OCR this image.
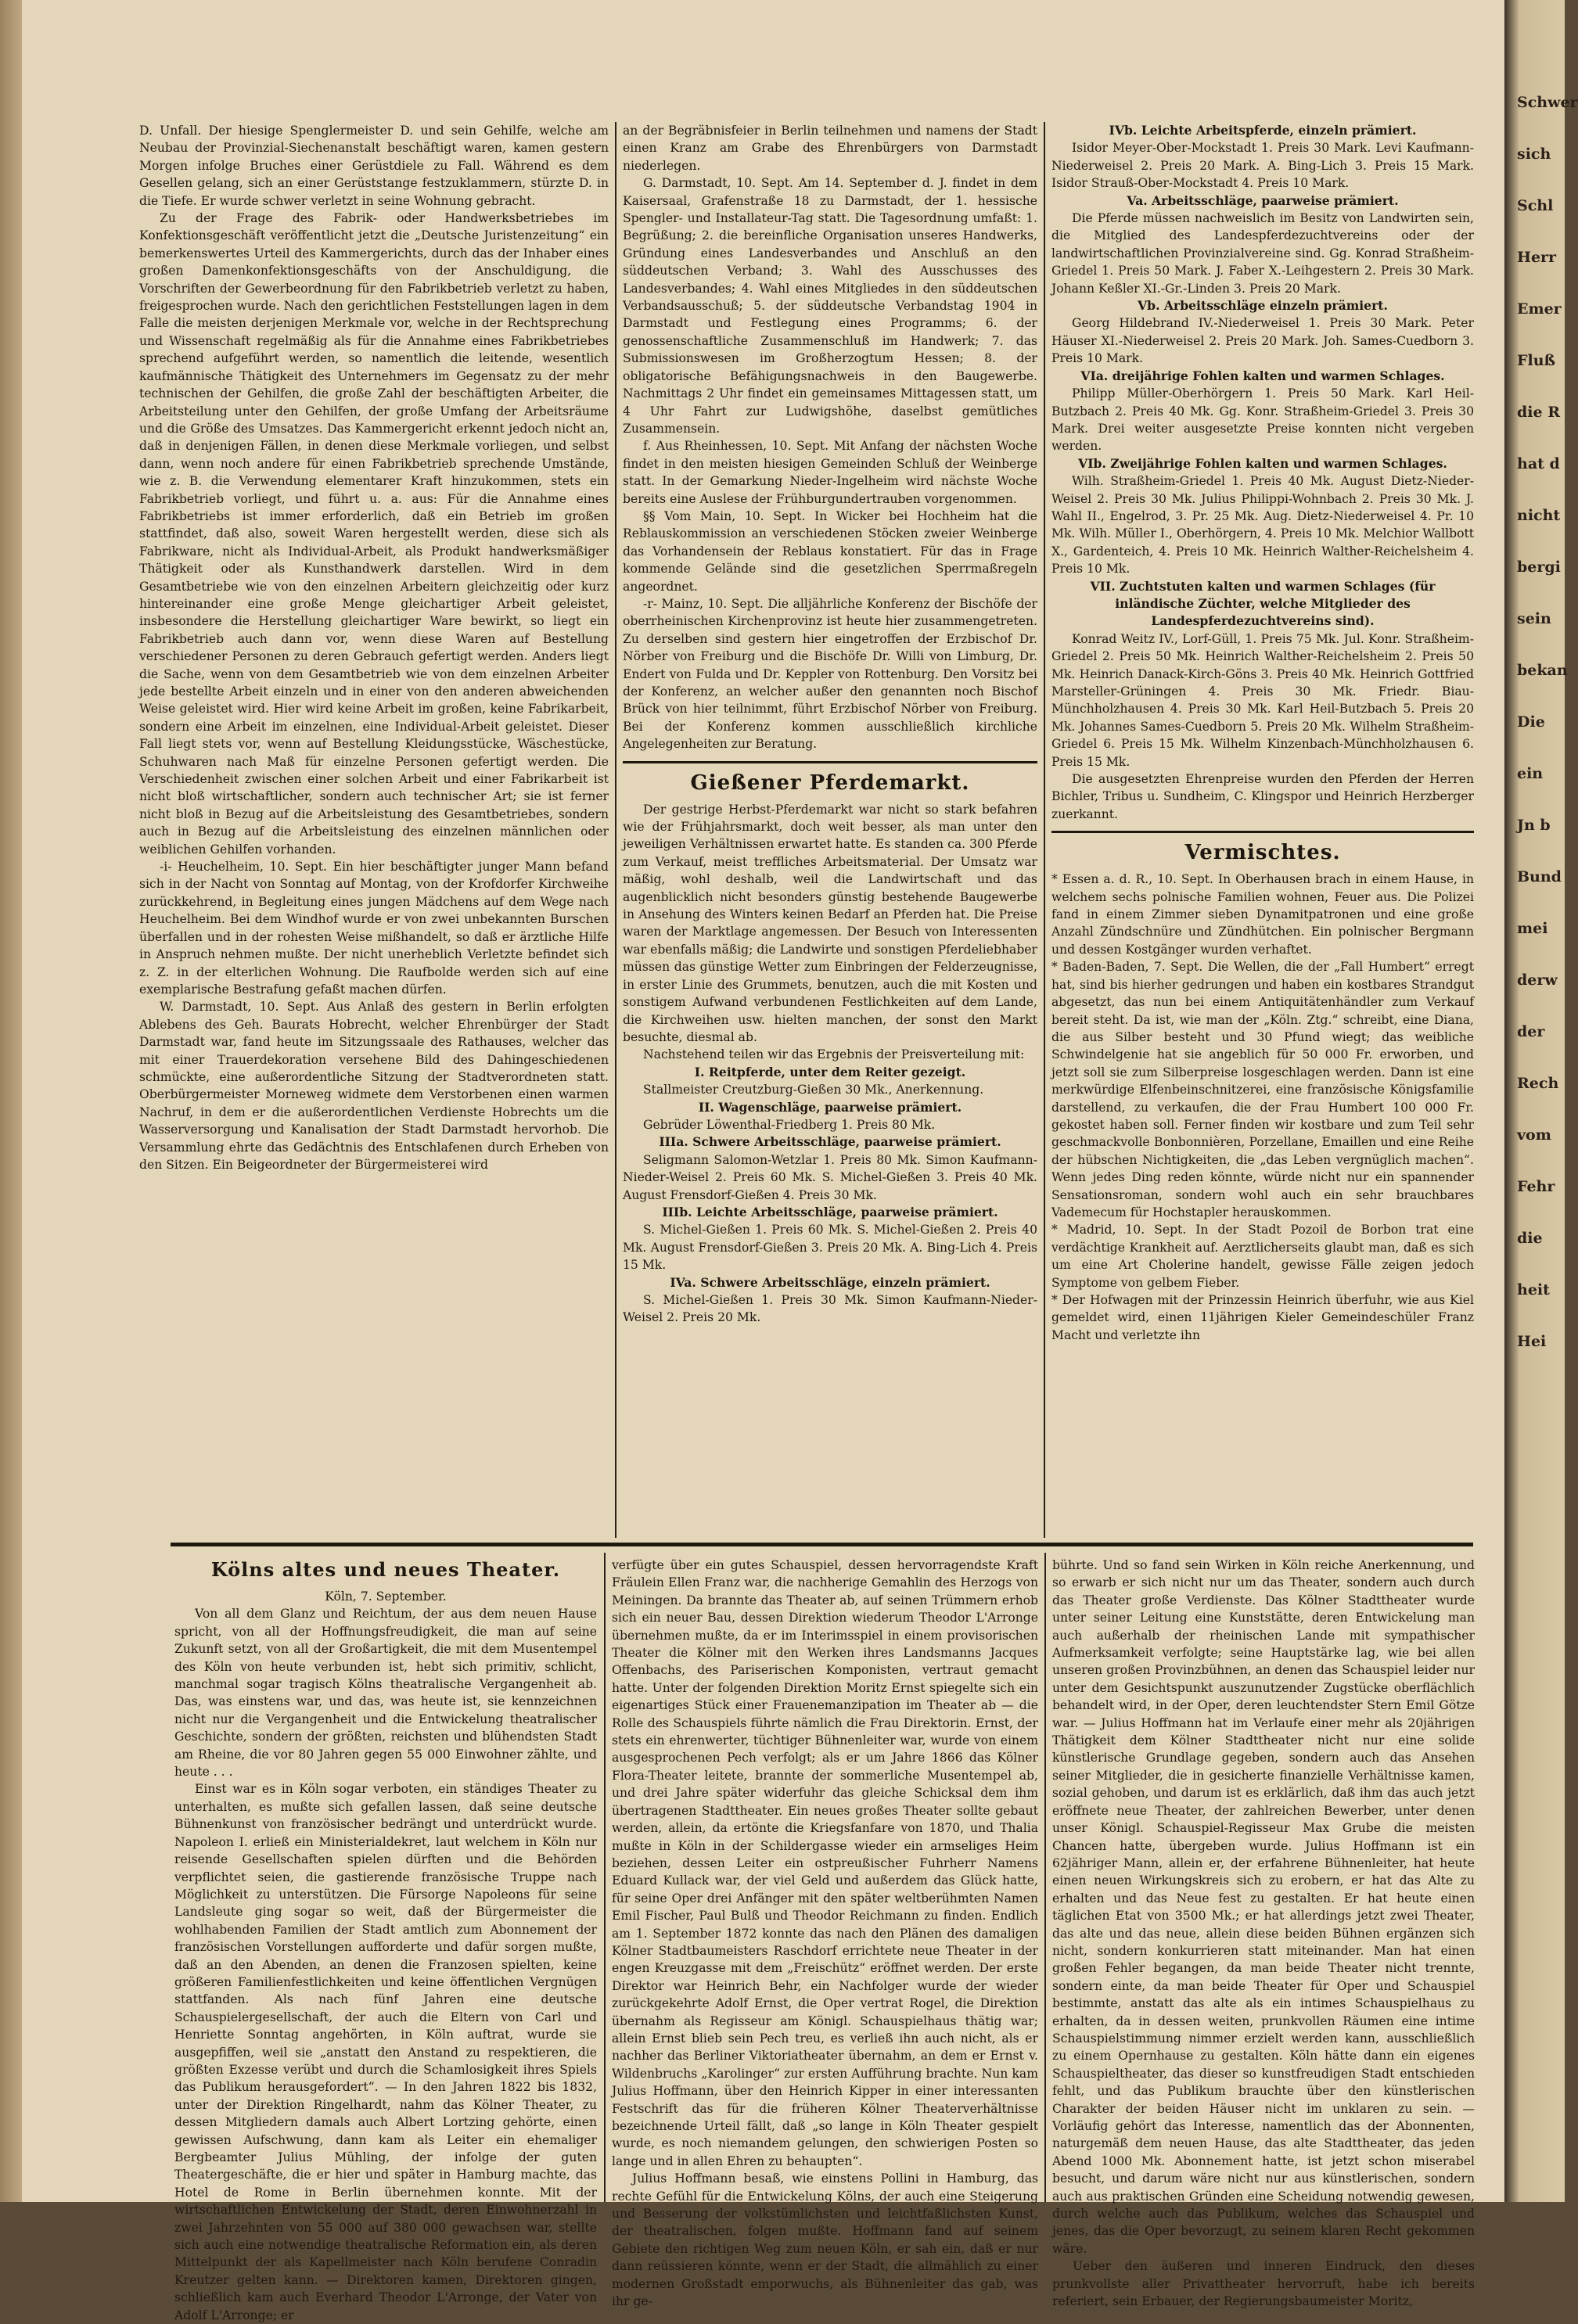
D. Unfall. Der hiesige Spenglermeister D. und sein Gehilfe, welche am Neubau der Provinzial-Siechenanstalt beschäftigt waren, kamen gestern Morgen infolge Bruches einer Gerüstdiele zu Fall. Während es dem Gesellen gelang, sich an einer Gerüststange festzuklammern, stürzte D. in die Tiefe. Er wurde schwer verletzt in seine Wohnung gebracht.

Zu der Frage des Fabrik- oder Handwerksbetriebes im Konfektionsgeschäft veröffentlicht jetzt die „Deutsche Juristenzeitung“ ein bemerkenswertes Urteil des Kammergerichts, durch das der Inhaber eines großen Damenkonfektionsgeschäfts von der Anschuldigung, die Vorschriften der Gewerbeordnung für den Fabrikbetrieb verletzt zu haben, freigesprochen wurde. Nach den gerichtlichen Feststellungen lagen in dem Falle die meisten derjenigen Merkmale vor, welche in der Rechtsprechung und Wissenschaft regelmäßig als für die Annahme eines Fabrikbetriebes sprechend aufgeführt werden, so namentlich die leitende, wesentlich kaufmännische Thätigkeit des Unternehmers im Gegensatz zu der mehr technischen der Gehilfen, die große Zahl der beschäftigten Arbeiter, die Arbeitsteilung unter den Gehilfen, der große Umfang der Arbeitsräume und die Größe des Umsatzes. Das Kammergericht erkennt jedoch nicht an, daß in denjenigen Fällen, in denen diese Merkmale vorliegen, und selbst dann, wenn noch andere für einen Fabrikbetrieb sprechende Umstände, wie z. B. die Verwendung elementarer Kraft hinzukommen, stets ein Fabrikbetrieb vorliegt, und führt u. a. aus: Für die Annahme eines Fabrikbetriebs ist immer erforderlich, daß ein Betrieb im großen stattfindet, daß also, soweit Waren hergestellt werden, diese sich als Fabrikware, nicht als Individual-Arbeit, als Produkt handwerksmäßiger Thätigkeit oder als Kunsthandwerk darstellen. Wird in dem Gesamtbetriebe wie von den einzelnen Arbeitern gleichzeitig oder kurz hintereinander eine große Menge gleichartiger Arbeit geleistet, insbesondere die Herstellung gleichartiger Ware bewirkt, so liegt ein Fabrikbetrieb auch dann vor, wenn diese Waren auf Bestellung verschiedener Personen zu deren Gebrauch gefertigt werden. Anders liegt die Sache, wenn von dem Gesamtbetrieb wie von dem einzelnen Arbeiter jede bestellte Arbeit einzeln und in einer von den anderen abweichenden Weise geleistet wird. Hier wird keine Arbeit im großen, keine Fabrikarbeit, sondern eine Arbeit im einzelnen, eine Individual-Arbeit geleistet. Dieser Fall liegt stets vor, wenn auf Bestellung Kleidungsstücke, Wäschestücke, Schuhwaren nach Maß für einzelne Personen gefertigt werden. Die Verschiedenheit zwischen einer solchen Arbeit und einer Fabrikarbeit ist nicht bloß wirtschaftlicher, sondern auch technischer Art; sie ist ferner nicht bloß in Bezug auf die Arbeitsleistung des Gesamtbetriebes, sondern auch in Bezug auf die Arbeitsleistung des einzelnen männlichen oder weiblichen Gehilfen vorhanden.

-i- Heuchelheim, 10. Sept. Ein hier beschäftigter junger Mann befand sich in der Nacht von Sonntag auf Montag, von der Krofdorfer Kirchweihe zurückkehrend, in Begleitung eines jungen Mädchens auf dem Wege nach Heuchelheim. Bei dem Windhof wurde er von zwei unbekannten Burschen überfallen und in der rohesten Weise mißhandelt, so daß er ärztliche Hilfe in Anspruch nehmen mußte. Der nicht unerheblich Verletzte befindet sich z. Z. in der elterlichen Wohnung. Die Raufbolde werden sich auf eine exemplarische Bestrafung gefaßt machen dürfen.

W. Darmstadt, 10. Sept. Aus Anlaß des gestern in Berlin erfolgten Ablebens des Geh. Baurats Hobrecht, welcher Ehrenbürger der Stadt Darmstadt war, fand heute im Sitzungssaale des Rathauses, welcher das mit einer Trauerdekoration versehene Bild des Dahingeschiedenen schmückte, eine außerordentliche Sitzung der Stadtverordneten statt. Oberbürgermeister Morneweg widmete dem Verstorbenen einen warmen Nachruf, in dem er die außerordentlichen Verdienste Hobrechts um die Wasserversorgung und Kanalisation der Stadt Darmstadt hervorhob. Die Versammlung ehrte das Gedächtnis des Entschlafenen durch Erheben von den Sitzen. Ein Beigeordneter der Bürgermeisterei wird

an der Begräbnisfeier in Berlin teilnehmen und namens der Stadt einen Kranz am Grabe des Ehrenbürgers von Darmstadt niederlegen.

G. Darmstadt, 10. Sept. Am 14. September d. J. findet in dem Kaisersaal, Grafenstraße 18 zu Darmstadt, der 1. hessische Spengler- und Installateur-Tag statt. Die Tagesordnung umfaßt: 1. Begrüßung; 2. die bereinfliche Organisation unseres Handwerks, Gründung eines Landesverbandes und Anschluß an den süddeutschen Verband; 3. Wahl des Ausschusses des Landesverbandes; 4. Wahl eines Mitgliedes in den süddeutschen Verbandsausschuß; 5. der süddeutsche Verbandstag 1904 in Darmstadt und Festlegung eines Programms; 6. der genossenschaftliche Zusammenschluß im Handwerk; 7. das Submissionswesen im Großherzogtum Hessen; 8. der obligatorische Befähigungsnachweis in den Baugewerbe. Nachmittags 2 Uhr findet ein gemeinsames Mittagessen statt, um 4 Uhr Fahrt zur Ludwigshöhe, daselbst gemütliches Zusammensein.

f. Aus Rheinhessen, 10. Sept. Mit Anfang der nächsten Woche findet in den meisten hiesigen Gemeinden Schluß der Weinberge statt. In der Gemarkung Nieder-Ingelheim wird nächste Woche bereits eine Auslese der Frühburgundertrauben vorgenommen.

§§ Vom Main, 10. Sept. In Wicker bei Hochheim hat die Reblauskommission an verschiedenen Stöcken zweier Weinberge das Vorhandensein der Reblaus konstatiert. Für das in Frage kommende Gelände sind die gesetzlichen Sperrmaßregeln angeordnet.

-r- Mainz, 10. Sept. Die alljährliche Konferenz der Bischöfe der oberrheinischen Kirchenprovinz ist heute hier zusammengetreten. Zu derselben sind gestern hier eingetroffen der Erzbischof Dr. Nörber von Freiburg und die Bischöfe Dr. Willi von Limburg, Dr. Endert von Fulda und Dr. Keppler von Rottenburg. Den Vorsitz bei der Konferenz, an welcher außer den genannten noch Bischof Brück von hier teilnimmt, führt Erzbischof Nörber von Freiburg. Bei der Konferenz kommen ausschließlich kirchliche Angelegenheiten zur Beratung.

Gießener Pferdemarkt.

Der gestrige Herbst-Pferdemarkt war nicht so stark befahren wie der Frühjahrsmarkt, doch weit besser, als man unter den jeweiligen Verhältnissen erwartet hatte. Es standen ca. 300 Pferde zum Verkauf, meist treffliches Arbeitsmaterial. Der Umsatz war mäßig, wohl deshalb, weil die Landwirtschaft und das augenblicklich nicht besonders günstig bestehende Baugewerbe in Ansehung des Winters keinen Bedarf an Pferden hat. Die Preise waren der Marktlage angemessen. Der Besuch von Interessenten war ebenfalls mäßig; die Landwirte und sonstigen Pferdeliebhaber müssen das günstige Wetter zum Einbringen der Felderzeugnisse, in erster Linie des Grummets, benutzen, auch die mit Kosten und sonstigem Aufwand verbundenen Festlichkeiten auf dem Lande, die Kirchweihen usw. hielten manchen, der sonst den Markt besuchte, diesmal ab.

Nachstehend teilen wir das Ergebnis der Preisverteilung mit:

I. Reitpferde, unter dem Reiter gezeigt.

Stallmeister Creutzburg-Gießen 30 Mk., Anerkennung.

II. Wagenschläge, paarweise prämiert.

Gebrüder Löwenthal-Friedberg 1. Preis 80 Mk.

IIIa. Schwere Arbeitsschläge, paarweise prämiert.

Seligmann Salomon-Wetzlar 1. Preis 80 Mk. Simon Kaufmann-Nieder-Weisel 2. Preis 60 Mk. S. Michel-Gießen 3. Preis 40 Mk. August Frensdorf-Gießen 4. Preis 30 Mk.

IIIb. Leichte Arbeitsschläge, paarweise prämiert.

S. Michel-Gießen 1. Preis 60 Mk. S. Michel-Gießen 2. Preis 40 Mk. August Frensdorf-Gießen 3. Preis 20 Mk. A. Bing-Lich 4. Preis 15 Mk.

IVa. Schwere Arbeitsschläge, einzeln prämiert.

S. Michel-Gießen 1. Preis 30 Mk. Simon Kaufmann-Nieder-Weisel 2. Preis 20 Mk.

IVb. Leichte Arbeitspferde, einzeln prämiert.

Isidor Meyer-Ober-Mockstadt 1. Preis 30 Mark. Levi Kaufmann-Niederweisel 2. Preis 20 Mark. A. Bing-Lich 3. Preis 15 Mark. Isidor Strauß-Ober-Mockstadt 4. Preis 10 Mark.

Va. Arbeitsschläge, paarweise prämiert.

Die Pferde müssen nachweislich im Besitz von Landwirten sein, die Mitglied des Landespferdezuchtvereins oder der landwirtschaftlichen Provinzialvereine sind. Gg. Konrad Straßheim-Griedel 1. Preis 50 Mark. J. Faber X.-Leihgestern 2. Preis 30 Mark. Johann Keßler XI.-Gr.-Linden 3. Preis 20 Mark.

Vb. Arbeitsschläge einzeln prämiert.

Georg Hildebrand IV.-Niederweisel 1. Preis 30 Mark. Peter Häuser XI.-Niederweisel 2. Preis 20 Mark. Joh. Sames-Cuedborn 3. Preis 10 Mark.

VIa. dreijährige Fohlen kalten und warmen Schlages.

Philipp Müller-Oberhörgern 1. Preis 50 Mark. Karl Heil-Butzbach 2. Preis 40 Mk. Gg. Konr. Straßheim-Griedel 3. Preis 30 Mark. Drei weiter ausgesetzte Preise konnten nicht vergeben werden.

VIb. Zweijährige Fohlen kalten und warmen Schlages.

Wilh. Straßheim-Griedel 1. Preis 40 Mk. August Dietz-Nieder-Weisel 2. Preis 30 Mk. Julius Philippi-Wohnbach 2. Preis 30 Mk. J. Wahl II., Engelrod, 3. Pr. 25 Mk. Aug. Dietz-Niederweisel 4. Pr. 10 Mk. Wilh. Müller I., Oberhörgern, 4. Preis 10 Mk. Melchior Wallbott X., Gardenteich, 4. Preis 10 Mk. Heinrich Walther-Reichelsheim 4. Preis 10 Mk.

VII. Zuchtstuten kalten und warmen Schlages (für inländische Züchter, welche Mitglieder des Landespferdezuchtvereins sind).

Konrad Weitz IV., Lorf-Güll, 1. Preis 75 Mk. Jul. Konr. Straßheim-Griedel 2. Preis 50 Mk. Heinrich Walther-Reichelsheim 2. Preis 50 Mk. Heinrich Danack-Kirch-Göns 3. Preis 40 Mk. Heinrich Gottfried Marsteller-Grüningen 4. Preis 30 Mk. Friedr. Biau-Münchholzhausen 4. Preis 30 Mk. Karl Heil-Butzbach 5. Preis 20 Mk. Johannes Sames-Cuedborn 5. Preis 20 Mk. Wilhelm Straßheim-Griedel 6. Preis 15 Mk. Wilhelm Kinzenbach-Münchholzhausen 6. Preis 15 Mk.

Die ausgesetzten Ehrenpreise wurden den Pferden der Herren Bichler, Tribus u. Sundheim, C. Klingspor und Heinrich Herzberger zuerkannt.

Vermischtes.

* Essen a. d. R., 10. Sept. In Oberhausen brach in einem Hause, in welchem sechs polnische Familien wohnen, Feuer aus. Die Polizei fand in einem Zimmer sieben Dynamitpatronen und eine große Anzahl Zündschnüre und Zündhütchen. Ein polnischer Bergmann und dessen Kostgänger wurden verhaftet.

* Baden-Baden, 7. Sept. Die Wellen, die der „Fall Humbert“ erregt hat, sind bis hierher gedrungen und haben ein kostbares Strandgut abgesetzt, das nun bei einem Antiquitätenhändler zum Verkauf bereit steht. Da ist, wie man der „Köln. Ztg.“ schreibt, eine Diana, die aus Silber besteht und 30 Pfund wiegt; das weibliche Schwindelgenie hat sie angeblich für 50 000 Fr. erworben, und jetzt soll sie zum Silberpreise losgeschlagen werden. Dann ist eine merkwürdige Elfenbeinschnitzerei, eine französische Königsfamilie darstellend, zu verkaufen, die der Frau Humbert 100 000 Fr. gekostet haben soll. Ferner finden wir kostbare und zum Teil sehr geschmackvolle Bonbonnièren, Porzellane, Emaillen und eine Reihe der hübschen Nichtigkeiten, die „das Leben vergnüglich machen“. Wenn jedes Ding reden könnte, würde nicht nur ein spannender Sensationsroman, sondern wohl auch ein sehr brauchbares Vademecum für Hochstapler herauskommen.

* Madrid, 10. Sept. In der Stadt Pozoil de Borbon trat eine verdächtige Krankheit auf. Aerztlicherseits glaubt man, daß es sich um eine Art Cholerine handelt, gewisse Fälle zeigen jedoch Symptome von gelbem Fieber.

* Der Hofwagen mit der Prinzessin Heinrich überfuhr, wie aus Kiel gemeldet wird, einen 11jährigen Kieler Gemeindeschüler Franz Macht und verletzte ihn

Kölns altes und neues Theater.

Köln, 7. September.

Von all dem Glanz und Reichtum, der aus dem neuen Hause spricht, von all der Hoffnungsfreudigkeit, die man auf seine Zukunft setzt, von all der Großartigkeit, die mit dem Musentempel des Köln von heute verbunden ist, hebt sich primitiv, schlicht, manchmal sogar tragisch Kölns theatralische Vergangenheit ab. Das, was einstens war, und das, was heute ist, sie kennzeichnen nicht nur die Vergangenheit und die Entwickelung theatralischer Geschichte, sondern der größten, reichsten und blühendsten Stadt am Rheine, die vor 80 Jahren gegen 55 000 Einwohner zählte, und heute . . .

Einst war es in Köln sogar verboten, ein ständiges Theater zu unterhalten, es mußte sich gefallen lassen, daß seine deutsche Bühnenkunst von französischer bedrängt und unterdrückt wurde. Napoleon I. erließ ein Ministerialdekret, laut welchem in Köln nur reisende Gesellschaften spielen dürften und die Behörden verpflichtet seien, die gastierende französische Truppe nach Möglichkeit zu unterstützen. Die Fürsorge Napoleons für seine Landsleute ging sogar so weit, daß der Bürgermeister die wohlhabenden Familien der Stadt amtlich zum Abonnement der französischen Vorstellungen aufforderte und dafür sorgen mußte, daß an den Abenden, an denen die Franzosen spielten, keine größeren Familienfestlichkeiten und keine öffentlichen Vergnügen stattfanden. Als nach fünf Jahren eine deutsche Schauspielergesellschaft, der auch die Eltern von Carl und Henriette Sonntag angehörten, in Köln auftrat, wurde sie ausgepfiffen, weil sie „anstatt den Anstand zu respektieren, die größten Exzesse verübt und durch die Schamlosigkeit ihres Spiels das Publikum herausgefordert“. — In den Jahren 1822 bis 1832, unter der Direktion Ringelhardt, nahm das Kölner Theater, zu dessen Mitgliedern damals auch Albert Lortzing gehörte, einen gewissen Aufschwung, dann kam als Leiter ein ehemaliger Bergbeamter Julius Mühling, der infolge der guten Theatergeschäfte, die er hier und später in Hamburg machte, das Hotel de Rome in Berlin übernehmen konnte. Mit der wirtschaftlichen Entwickelung der Stadt, deren Einwohnerzahl in zwei Jahrzehnten von 55 000 auf 380 000 gewachsen war, stellte sich auch eine notwendige theatralische Reformation ein, als deren Mittelpunkt der als Kapellmeister nach Köln berufene Conradin Kreutzer gelten kann. — Direktoren kamen, Direktoren gingen, schließlich kam auch Everhard Theodor L'Arronge, der Vater von Adolf L'Arronge; er

verfügte über ein gutes Schauspiel, dessen hervorragendste Kraft Fräulein Ellen Franz war, die nachherige Gemahlin des Herzogs von Meiningen. Da brannte das Theater ab, auf seinen Trümmern erhob sich ein neuer Bau, dessen Direktion wiederum Theodor L'Arronge übernehmen mußte, da er im Interimsspiel in einem provisorischen Theater die Kölner mit den Werken ihres Landsmanns Jacques Offenbachs, des Pariserischen Komponisten, vertraut gemacht hatte. Unter der folgenden Direktion Moritz Ernst spiegelte sich ein eigenartiges Stück einer Frauenemanzipation im Theater ab — die Rolle des Schauspiels führte nämlich die Frau Direktorin. Ernst, der stets ein ehrenwerter, tüchtiger Bühnenleiter war, wurde von einem ausgesprochenen Pech verfolgt; als er um Jahre 1866 das Kölner Flora-Theater leitete, brannte der sommerliche Musentempel ab, und drei Jahre später widerfuhr das gleiche Schicksal dem ihm übertragenen Stadttheater. Ein neues großes Theater sollte gebaut werden, allein, da ertönte die Kriegsfanfare von 1870, und Thalia mußte in Köln in der Schildergasse wieder ein armseliges Heim beziehen, dessen Leiter ein ostpreußischer Fuhrherr Namens Eduard Kullack war, der viel Geld und außerdem das Glück hatte, für seine Oper drei Anfänger mit den später weltberühmten Namen Emil Fischer, Paul Bulß und Theodor Reichmann zu finden. Endlich am 1. September 1872 konnte das nach den Plänen des damaligen Kölner Stadtbaumeisters Raschdorf errichtete neue Theater in der engen Kreuzgasse mit dem „Freischütz“ eröffnet werden. Der erste Direktor war Heinrich Behr, ein Nachfolger wurde der wieder zurückgekehrte Adolf Ernst, die Oper vertrat Rogel, die Direktion übernahm als Regisseur am Königl. Schauspielhaus thätig war; allein Ernst blieb sein Pech treu, es verließ ihn auch nicht, als er nachher das Berliner Viktoriatheater übernahm, an dem er Ernst v. Wildenbruchs „Karolinger“ zur ersten Aufführung brachte. Nun kam Julius Hoffmann, über den Heinrich Kipper in einer interessanten Festschrift das für die früheren Kölner Theaterverhältnisse bezeichnende Urteil fällt, daß „so lange in Köln Theater gespielt wurde, es noch niemandem gelungen, den schwierigen Posten so lange und in allen Ehren zu behaupten“.

Julius Hoffmann besaß, wie einstens Pollini in Hamburg, das rechte Gefühl für die Entwickelung Kölns, der auch eine Steigerung und Besserung der volkstümlichsten und leichtfaßlichsten Kunst, der theatralischen, folgen mußte. Hoffmann fand auf seinem Gebiete den richtigen Weg zum neuen Köln, er sah ein, daß er nur dann reüssieren könnte, wenn er der Stadt, die allmählich zu einer modernen Großstadt emporwuchs, als Bühnenleiter das gab, was ihr ge-

bührte. Und so fand sein Wirken in Köln reiche Anerkennung, und so erwarb er sich nicht nur um das Theater, sondern auch durch das Theater große Verdienste. Das Kölner Stadttheater wurde unter seiner Leitung eine Kunststätte, deren Entwickelung man auch außerhalb der rheinischen Lande mit sympathischer Aufmerksamkeit verfolgte; seine Hauptstärke lag, wie bei allen unseren großen Provinzbühnen, an denen das Schauspiel leider nur unter dem Gesichtspunkt auszunutzender Zugstücke oberflächlich behandelt wird, in der Oper, deren leuchtendster Stern Emil Götze war. — Julius Hoffmann hat im Verlaufe einer mehr als 20jährigen Thätigkeit dem Kölner Stadttheater nicht nur eine solide künstlerische Grundlage gegeben, sondern auch das Ansehen seiner Mitglieder, die in gesicherte finanzielle Verhältnisse kamen, sozial gehoben, und darum ist es erklärlich, daß ihm das auch jetzt eröffnete neue Theater, der zahlreichen Bewerber, unter denen unser Königl. Schauspiel-Regisseur Max Grube die meisten Chancen hatte, übergeben wurde. Julius Hoffmann ist ein 62jähriger Mann, allein er, der erfahrene Bühnenleiter, hat heute einen neuen Wirkungskreis sich zu erobern, er hat das Alte zu erhalten und das Neue fest zu gestalten. Er hat heute einen täglichen Etat von 3500 Mk.; er hat allerdings jetzt zwei Theater, das alte und das neue, allein diese beiden Bühnen ergänzen sich nicht, sondern konkurrieren statt miteinander. Man hat einen großen Fehler begangen, da man beide Theater nicht trennte, sondern einte, da man beide Theater für Oper und Schauspiel bestimmte, anstatt das alte als ein intimes Schauspielhaus zu erhalten, da in dessen weiten, prunkvollen Räumen eine intime Schauspielstimmung nimmer erzielt werden kann, ausschließlich zu einem Opernhause zu gestalten. Köln hätte dann ein eigenes Schauspieltheater, das dieser so kunstfreudigen Stadt entschieden fehlt, und das Publikum brauchte über den künstlerischen Charakter der beiden Häuser nicht im unklaren zu sein. — Vorläufig gehört das Interesse, namentlich das der Abonnenten, naturgemäß dem neuen Hause, das alte Stadttheater, das jeden Abend 1000 Mk. Abonnement hatte, ist jetzt schon miserabel besucht, und darum wäre nicht nur aus künstlerischen, sondern auch aus praktischen Gründen eine Scheidung notwendig gewesen, durch welche auch das Publikum, welches das Schauspiel und jenes, das die Oper bevorzugt, zu seinem klaren Recht gekommen wäre.

Ueber den äußeren und inneren Eindruck, den dieses prunkvollste aller Privattheater hervorruft, habe ich bereits referiert, sein Erbauer, der Regierungsbaumeister Moritz,

Schwer
sich
Schl
Herr
Emer
Fluß
die R
hat d
nicht
bergi
sein
bekan
Die
ein
Jn b
Bund
mei
derw
der
Rech
vom
Fehr
die
heit
Hei
